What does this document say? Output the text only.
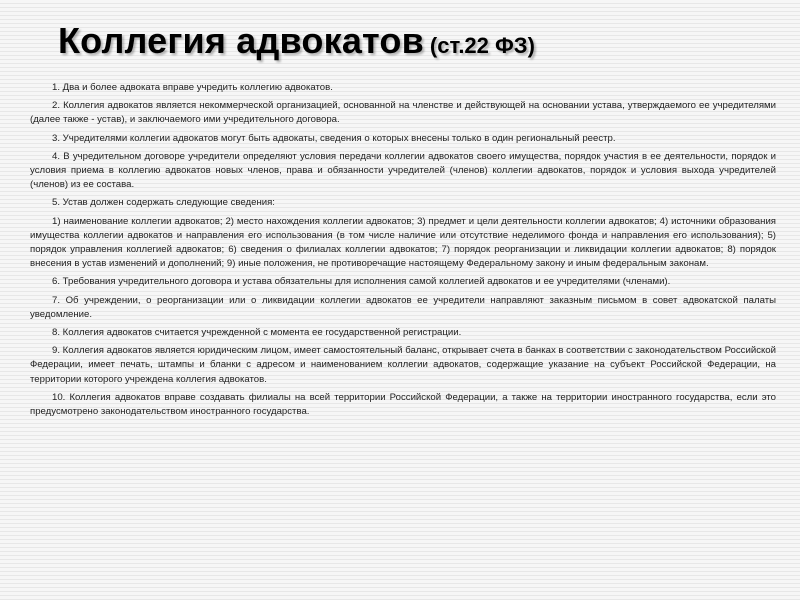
Коллегия адвокатов (ст.22 ФЗ)

1. Два и более адвоката вправе учредить коллегию адвокатов.

2. Коллегия адвокатов является некоммерческой организацией, основанной на членстве и действующей на основании устава, утверждаемого ее учредителями (далее также - устав), и заключаемого ими учредительного договора.

3. Учредителями коллегии адвокатов могут быть адвокаты, сведения о которых внесены только в один региональный реестр.

4. В учредительном договоре учредители определяют условия передачи коллегии адвокатов своего имущества, порядок участия в ее деятельности, порядок и условия приема в коллегию адвокатов новых членов, права и обязанности учредителей (членов) коллегии адвокатов, порядок и условия выхода учредителей (членов) из ее состава.

5. Устав должен содержать следующие сведения:

1) наименование коллегии адвокатов; 2) место нахождения коллегии адвокатов; 3) предмет и цели деятельности коллегии адвокатов; 4) источники образования имущества коллегии адвокатов и направления его использования (в том числе наличие или отсутствие неделимого фонда и направления его использования); 5) порядок управления коллегией адвокатов; 6) сведения о филиалах коллегии адвокатов; 7) порядок реорганизации и ликвидации коллегии адвокатов; 8) порядок внесения в устав изменений и дополнений; 9) иные положения, не противоречащие настоящему Федеральному закону и иным федеральным законам.

6. Требования учредительного договора и устава обязательны для исполнения самой коллегией адвокатов и ее учредителями (членами).

7. Об учреждении, о реорганизации или о ликвидации коллегии адвокатов ее учредители направляют заказным письмом в совет адвокатской палаты уведомление.

8. Коллегия адвокатов считается учрежденной с момента ее государственной регистрации.

9. Коллегия адвокатов является юридическим лицом, имеет самостоятельный баланс, открывает счета в банках в соответствии с законодательством Российской Федерации, имеет печать, штампы и бланки с адресом и наименованием коллегии адвокатов, содержащие указание на субъект Российской Федерации, на территории которого учреждена коллегия адвокатов.

10. Коллегия адвокатов вправе создавать филиалы на всей территории Российской Федерации, а также на территории иностранного государства, если это предусмотрено законодательством иностранного государства.
